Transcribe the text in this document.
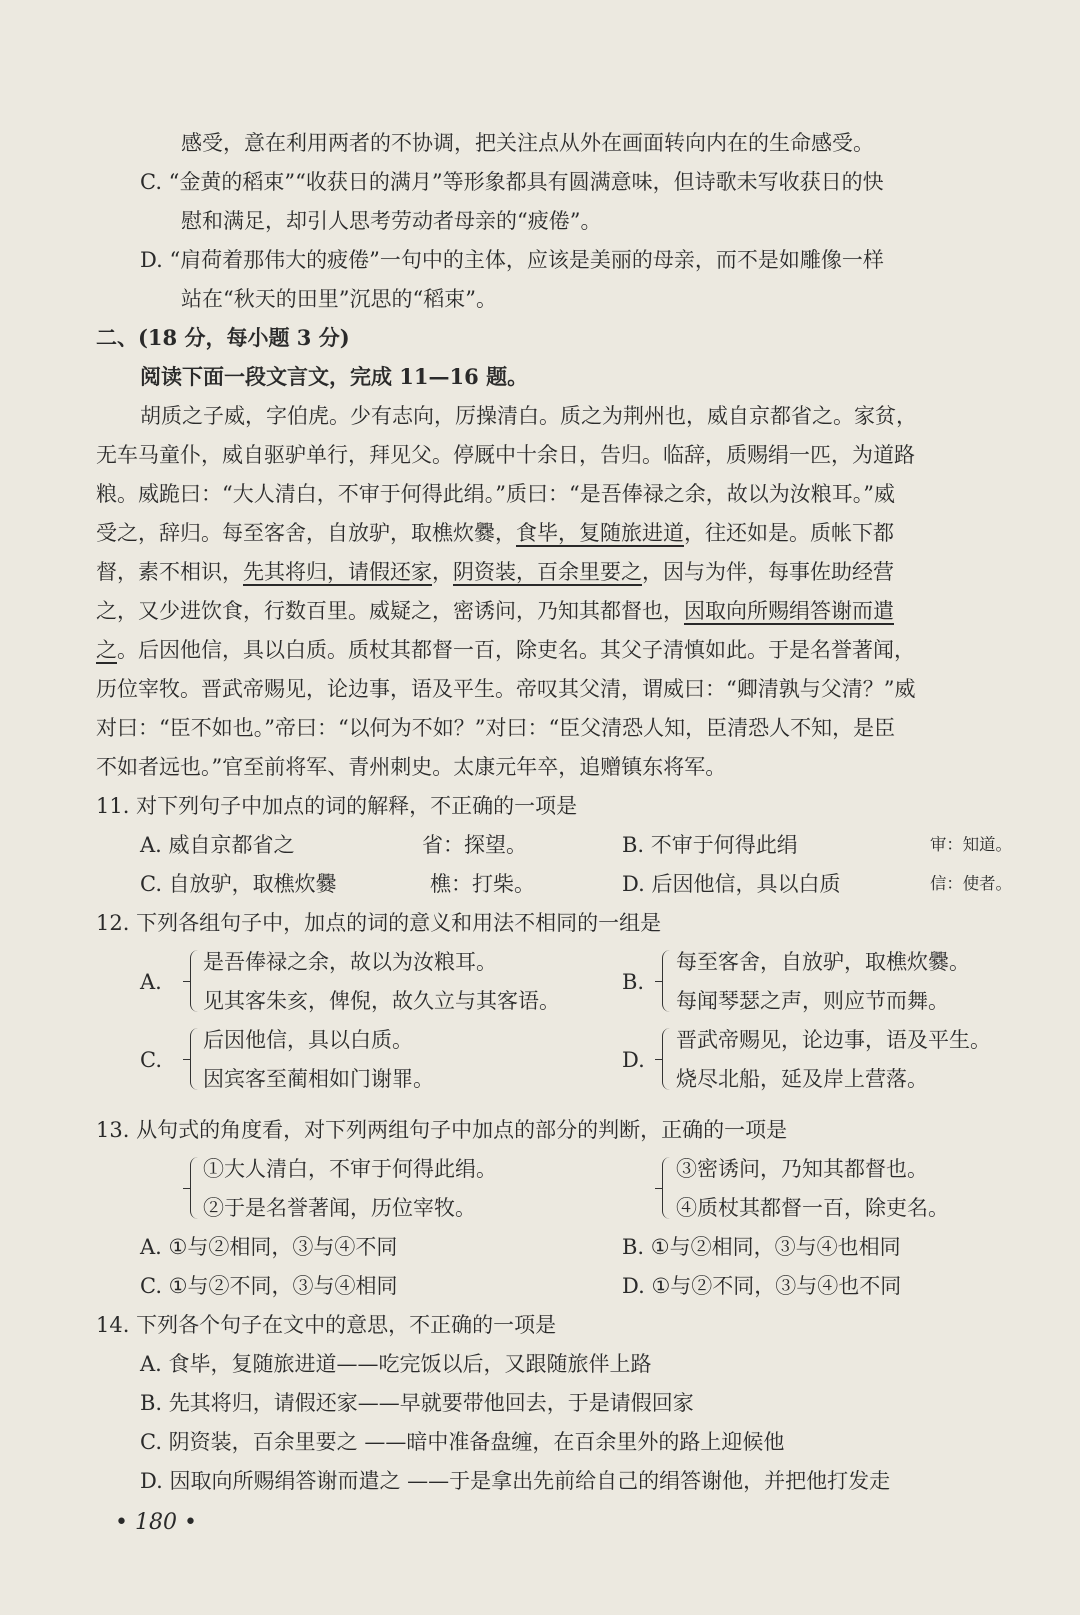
感受，意在利用两者的不协调，把关注点从外在画面转向内在的生命感受。
C. “金黄的稻束”“收获日的满月”等形象都具有圆满意味，但诗歌未写收获日的快
慰和满足，却引人思考劳动者母亲的“疲倦”。
D. “肩荷着那伟大的疲倦”一句中的主体，应该是美丽的母亲，而不是如雕像一样
站在“秋天的田里”沉思的“稻束”。
二、(18 分，每小题 3 分)
阅读下面一段文言文，完成 11—16 题。
胡质之子威，字伯虎。少有志向，厉操清白。质之为荆州也，威自京都省之。家贫，
无车马童仆，威自驱驴单行，拜见父。停厩中十余日，告归。临辞，质赐绢一匹，为道路
粮。威跪曰：“大人清白，不审于何得此绢。”质曰：“是吾俸禄之余，故以为汝粮耳。”威
受之，辞归。每至客舍，自放驴，取樵炊爨，食毕，复随旅进道，往还如是。质帐下都
督，素不相识，先其将归，请假还家，阴资装，百余里要之，因与为伴，每事佐助经营
之，又少进饮食，行数百里。威疑之，密诱问，乃知其都督也，因取向所赐绢答谢而遣
之。后因他信，具以白质。质杖其都督一百，除吏名。其父子清慎如此。于是名誉著闻，
历位宰牧。晋武帝赐见，论边事，语及平生。帝叹其父清，谓威曰：“卿清孰与父清？”威
对曰：“臣不如也。”帝曰：“以何为不如？”对曰：“臣父清恐人知，臣清恐人不知，是臣
不如者远也。”官至前将军、青州刺史。太康元年卒，追赠镇东将军。
11. 对下列句子中加点的词的解释，不正确的一项是
A. 威自京都省之	省：探望。	B. 不审于何得此绢	审：知道。
C. 自放驴，取樵炊爨	樵：打柴。	D. 后因他信，具以白质	信：使者。
12. 下列各组句子中，加点的词的意义和用法不相同的一组是
A.
是吾俸禄之余，故以为汝粮耳。
见其客朱亥，俾倪，故久立与其客语。
B.
每至客舍，自放驴，取樵炊爨。
每闻琴瑟之声，则应节而舞。
C.
后因他信，具以白质。
因宾客至蔺相如门谢罪。
D.
晋武帝赐见，论边事，语及平生。
烧尽北船，延及岸上营落。
13. 从句式的角度看，对下列两组句子中加点的部分的判断，正确的一项是
①大人清白，不审于何得此绢。
②于是名誉著闻，历位宰牧。
③密诱问，乃知其都督也。
④质杖其都督一百，除吏名。
A. ①与②相同，③与④不同	B. ①与②相同，③与④也相同
C. ①与②不同，③与④相同	D. ①与②不同，③与④也不同
14. 下列各个句子在文中的意思，不正确的一项是
A. 食毕，复随旅进道——吃完饭以后，又跟随旅伴上路
B. 先其将归，请假还家——早就要带他回去，于是请假回家
C. 阴资装，百余里要之 ——暗中准备盘缠，在百余里外的路上迎候他
D. 因取向所赐绢答谢而遣之 ——于是拿出先前给自己的绢答谢他，并把他打发走
• 180 •
